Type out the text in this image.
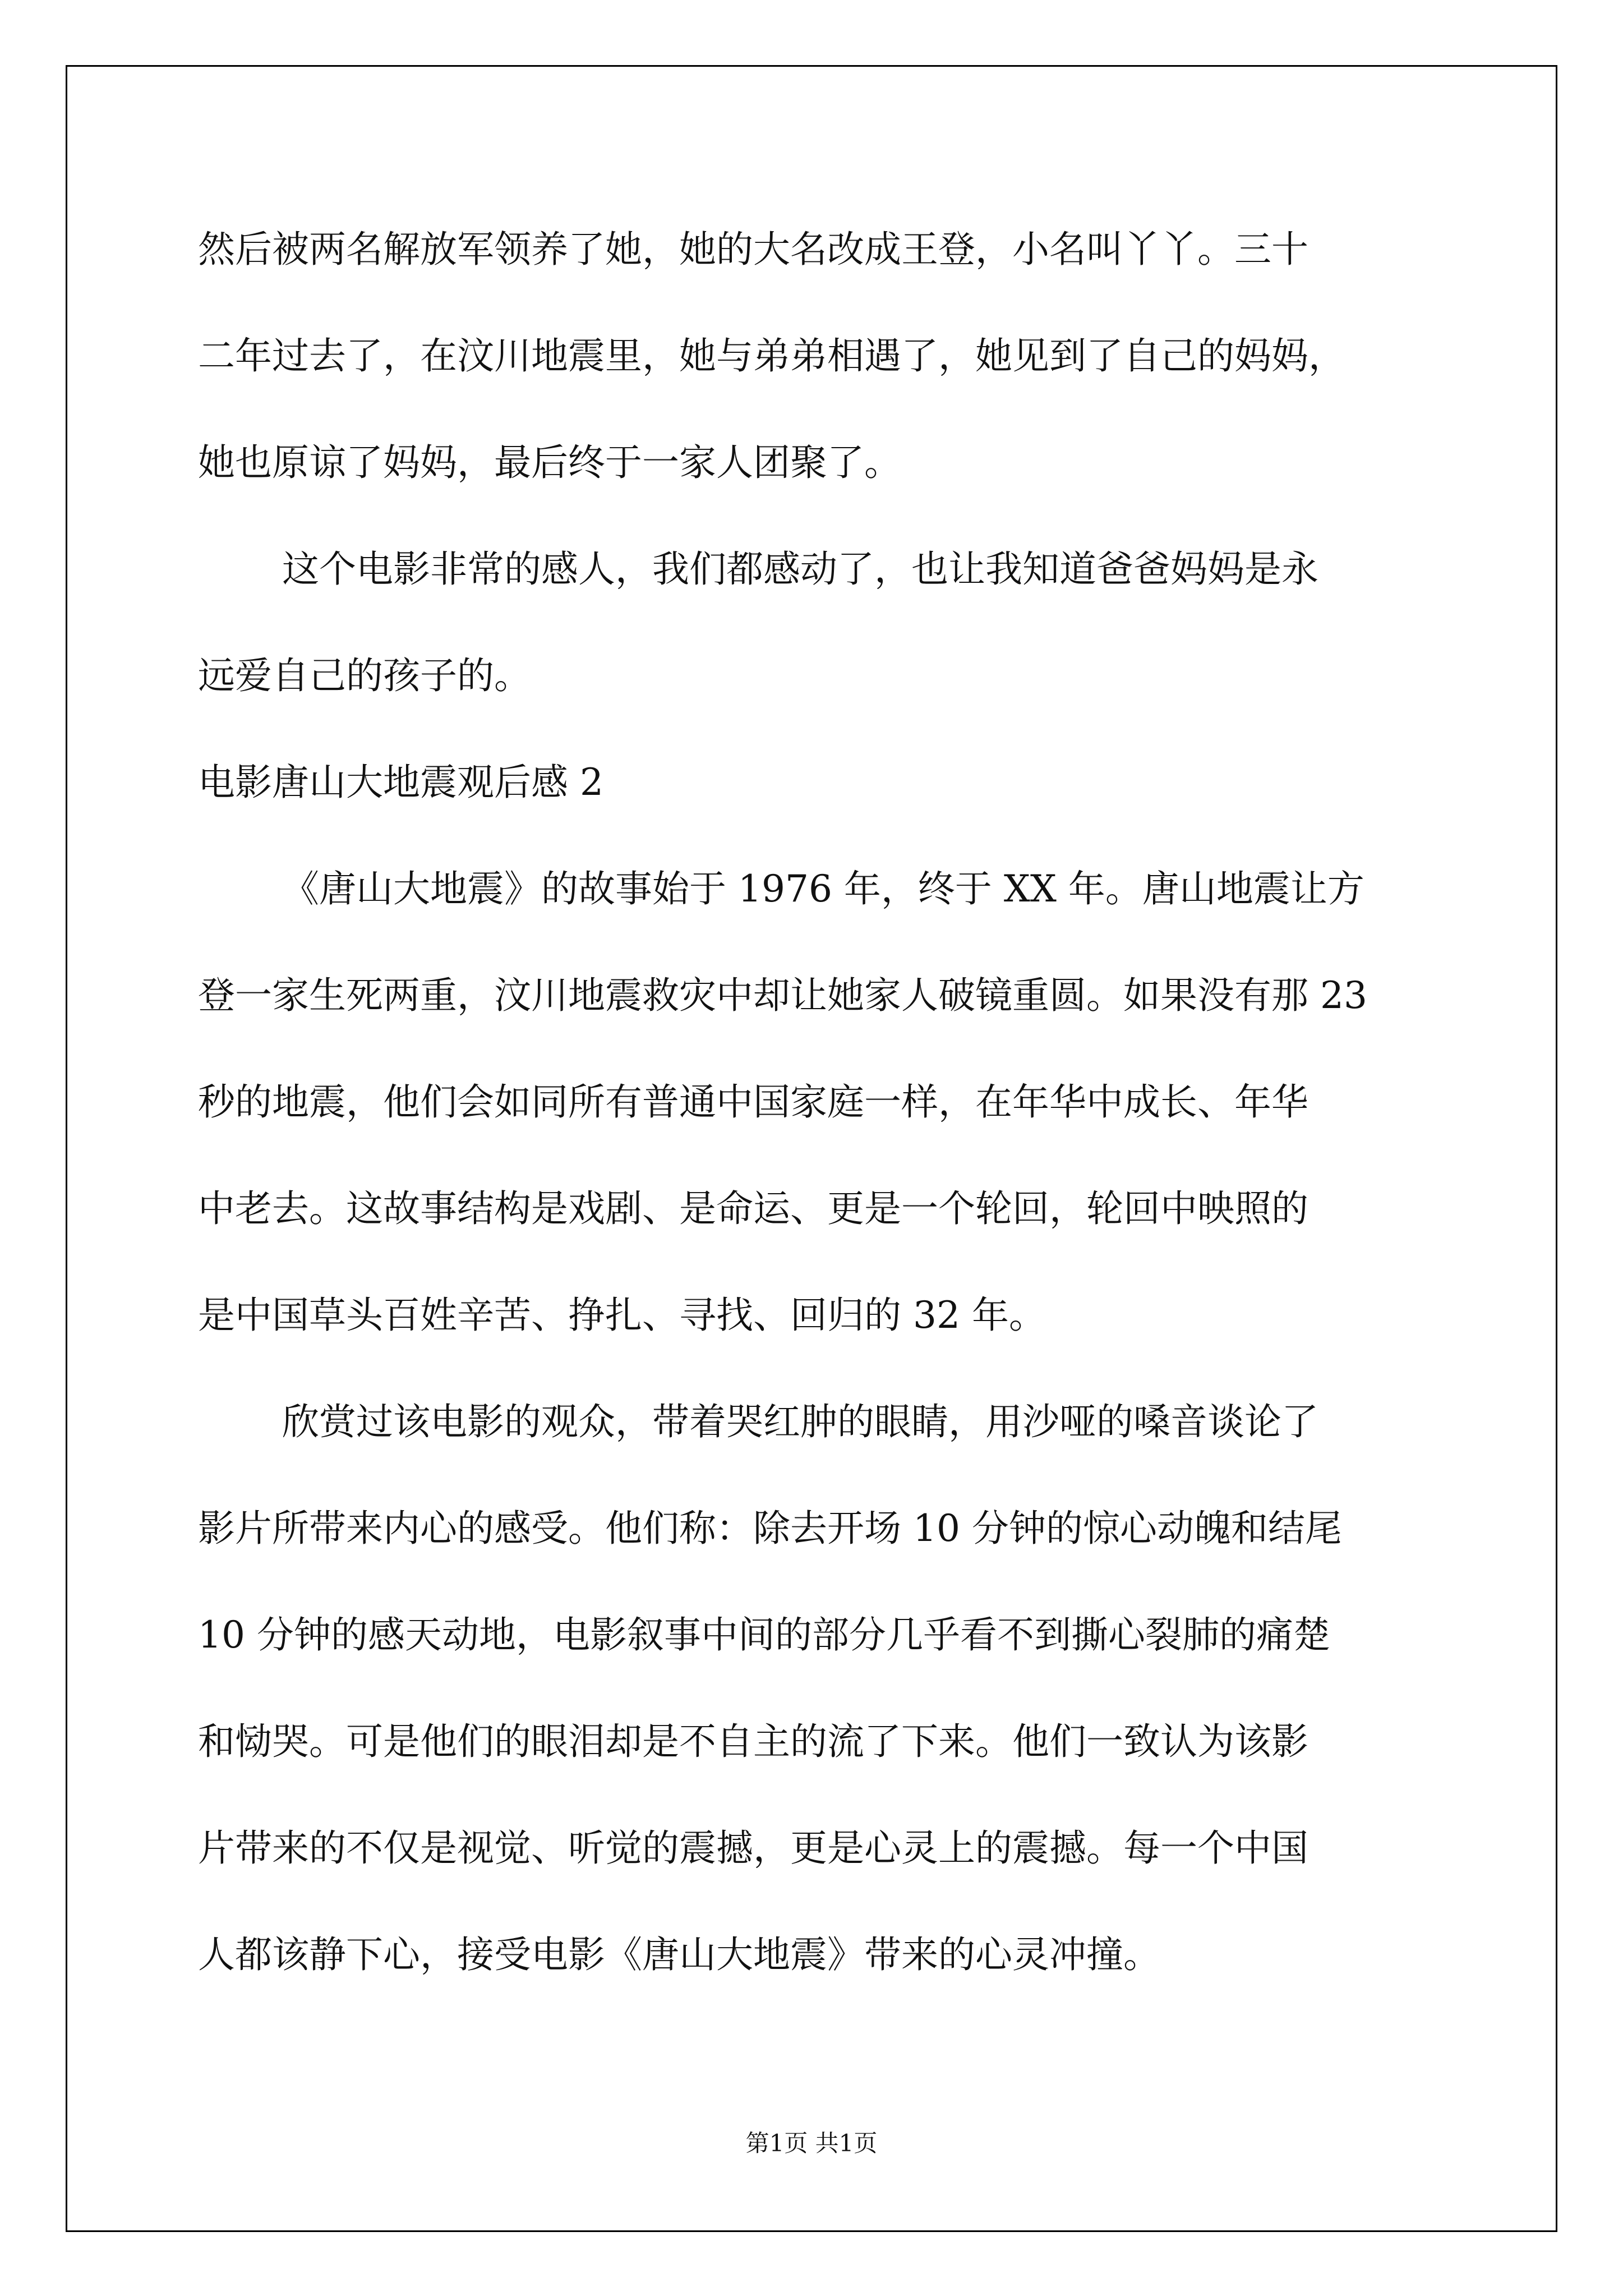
然后被两名解放军领养了她，她的大名改成王登，小名叫丫丫。三十

二年过去了，在汶川地震里，她与弟弟相遇了，她见到了自己的妈妈，

她也原谅了妈妈，最后终于一家人团聚了。

这个电影非常的感人，我们都感动了，也让我知道爸爸妈妈是永

远爱自己的孩子的。

电影唐山大地震观后感 2

《唐山大地震》的故事始于 1976 年，终于 XX 年。唐山地震让方

登一家生死两重，汶川地震救灾中却让她家人破镜重圆。如果没有那 23

秒的地震，他们会如同所有普通中国家庭一样，在年华中成长、年华

中老去。这故事结构是戏剧、是命运、更是一个轮回，轮回中映照的

是中国草头百姓辛苦、挣扎、寻找、回归的 32 年。

欣赏过该电影的观众，带着哭红肿的眼睛，用沙哑的嗓音谈论了

影片所带来内心的感受。他们称：除去开场 10 分钟的惊心动魄和结尾

10 分钟的感天动地，电影叙事中间的部分几乎看不到撕心裂肺的痛楚

和恸哭。可是他们的眼泪却是不自主的流了下来。他们一致认为该影

片带来的不仅是视觉、听觉的震撼，更是心灵上的震撼。每一个中国

人都该静下心，接受电影《唐山大地震》带来的心灵冲撞。

第1页 共1页
